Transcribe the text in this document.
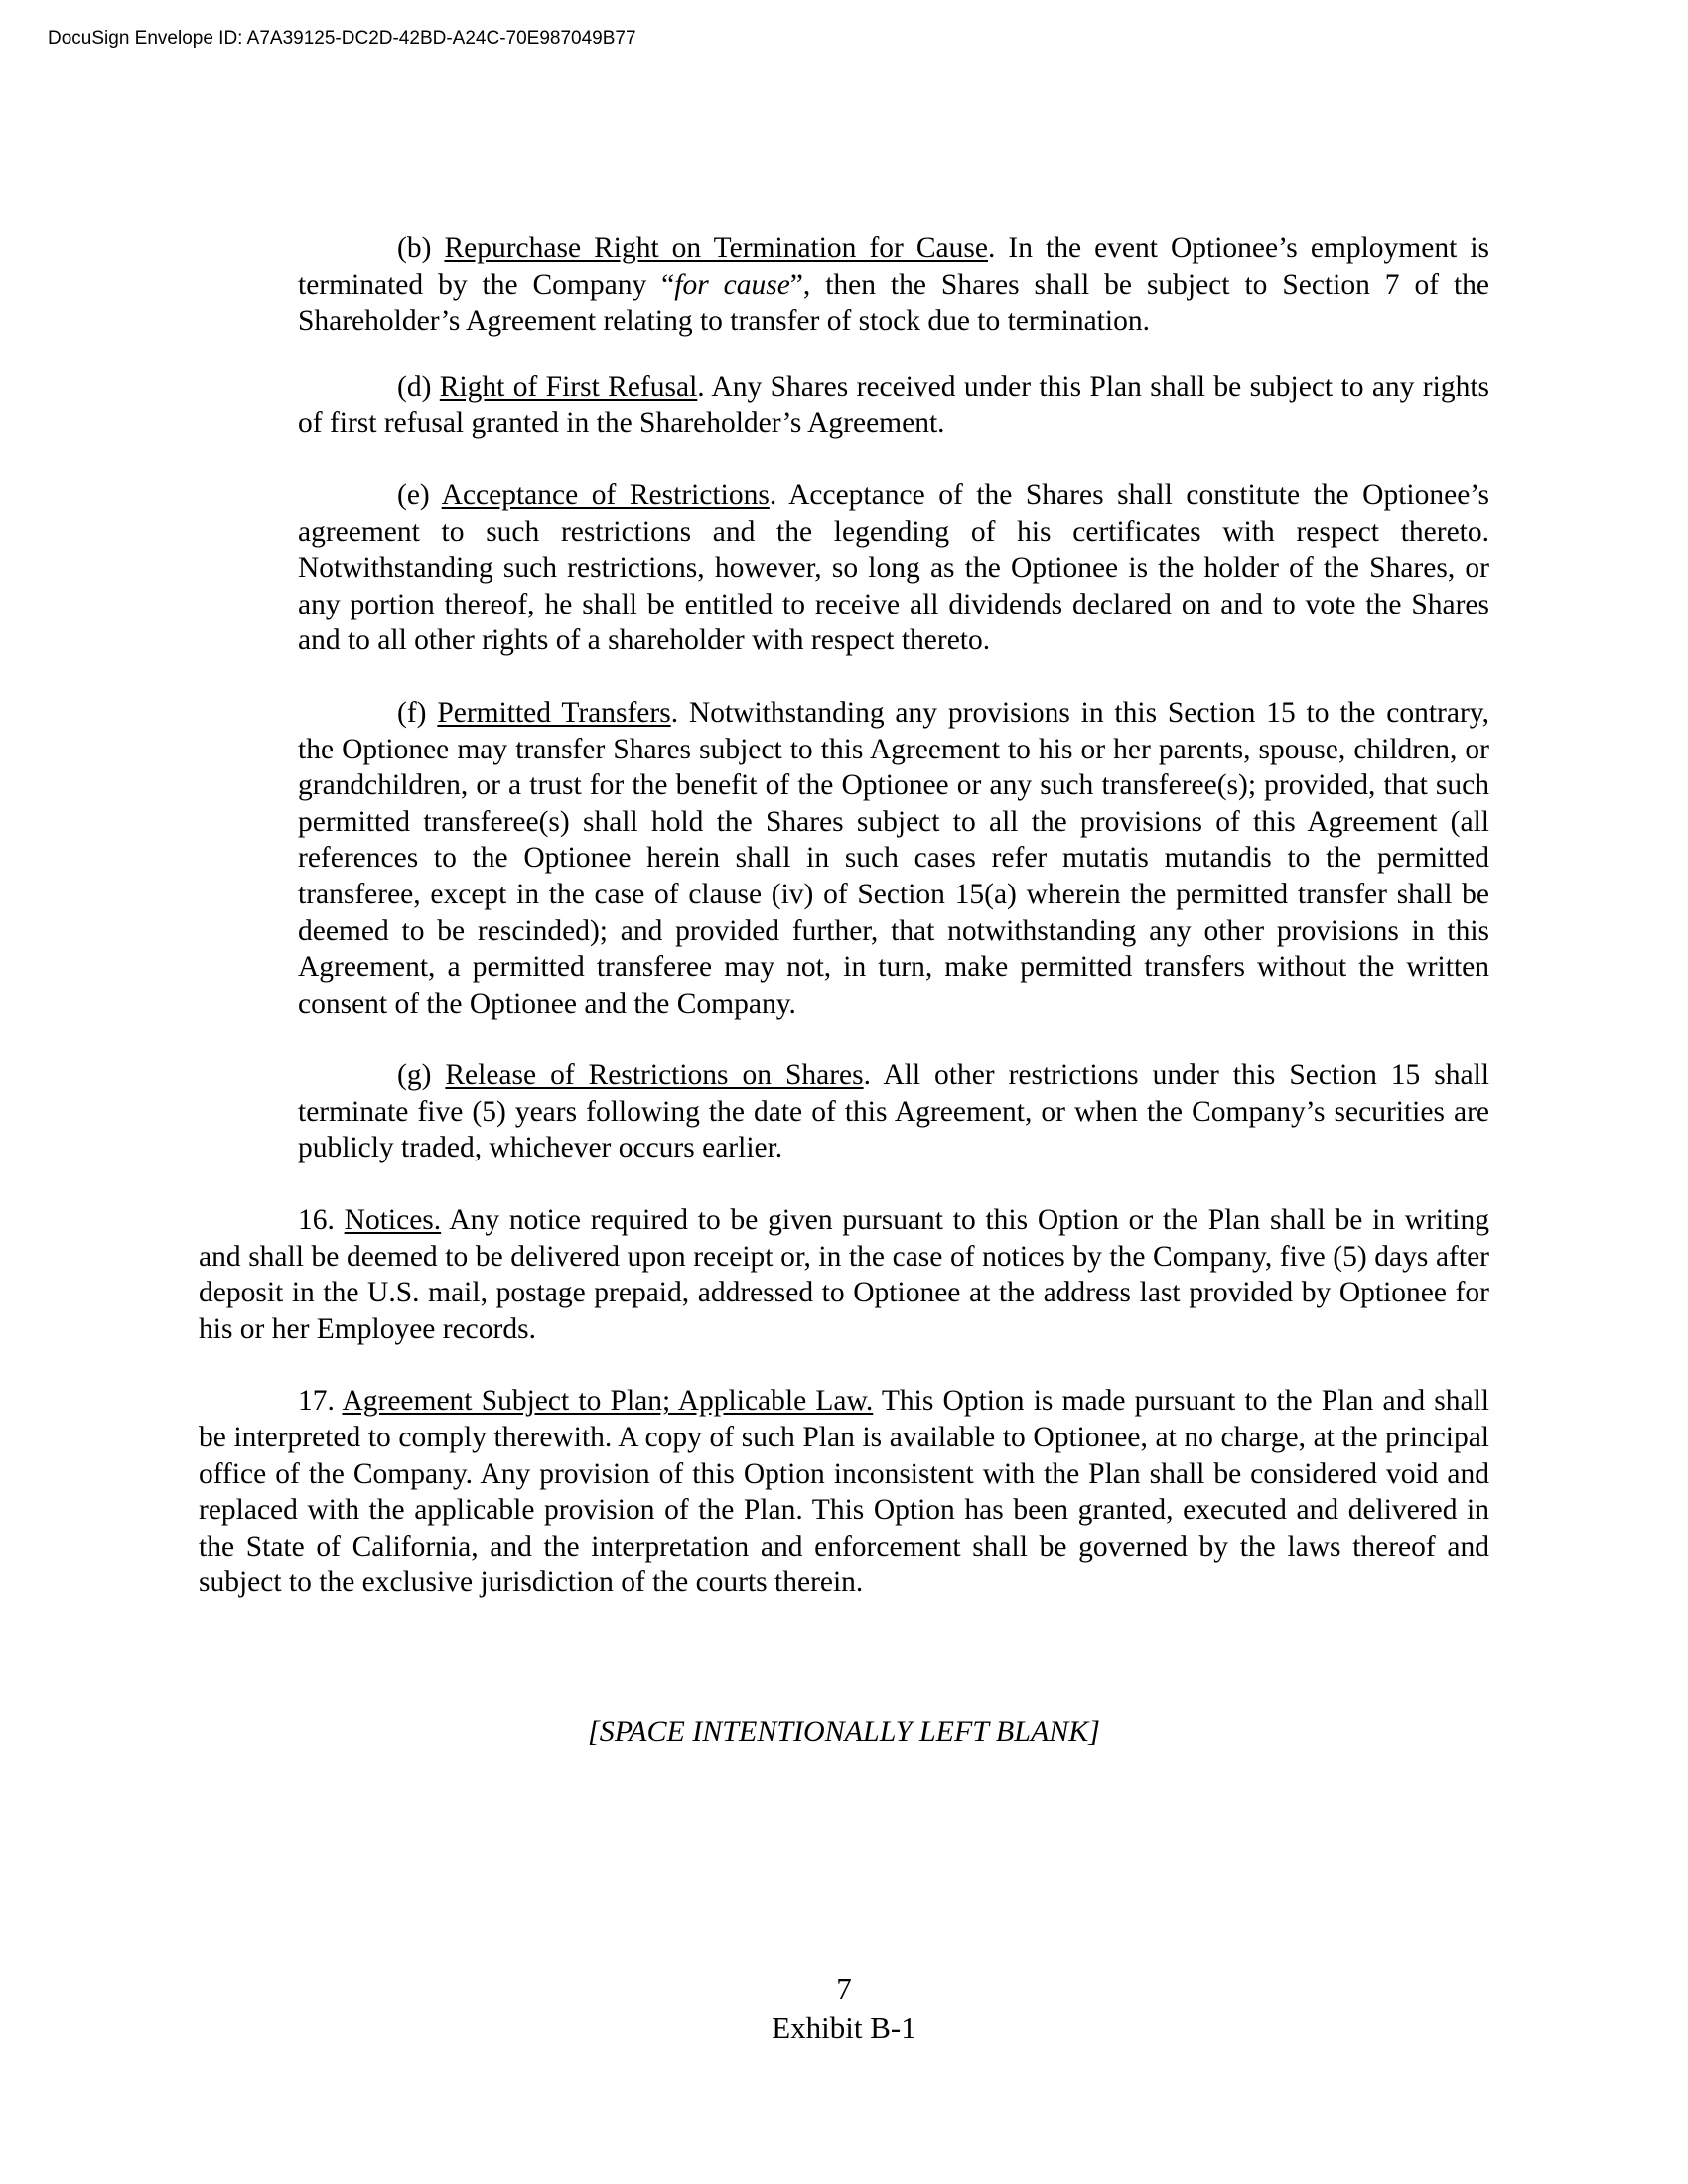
DocuSign Envelope ID: A7A39125-DC2D-42BD-A24C-70E987049B77

(b) Repurchase Right on Termination for Cause. In the event Optionee’s employment is terminated by the Company “for cause”, then the Shares shall be subject to Section 7 of the Shareholder’s Agreement relating to transfer of stock due to termination.

(d) Right of First Refusal. Any Shares received under this Plan shall be subject to any rights of first refusal granted in the Shareholder’s Agreement.

(e) Acceptance of Restrictions. Acceptance of the Shares shall constitute the Optionee’s agreement to such restrictions and the legending of his certificates with respect thereto. Notwithstanding such restrictions, however, so long as the Optionee is the holder of the Shares, or any portion thereof, he shall be entitled to receive all dividends declared on and to vote the Shares and to all other rights of a shareholder with respect thereto.

(f) Permitted Transfers. Notwithstanding any provisions in this Section 15 to the contrary, the Optionee may transfer Shares subject to this Agreement to his or her parents, spouse, children, or grandchildren, or a trust for the benefit of the Optionee or any such transferee(s); provided, that such permitted transferee(s) shall hold the Shares subject to all the provisions of this Agreement (all references to the Optionee herein shall in such cases refer mutatis mutandis to the permitted transferee, except in the case of clause (iv) of Section 15(a) wherein the permitted transfer shall be deemed to be rescinded); and provided further, that notwithstanding any other provisions in this Agreement, a permitted transferee may not, in turn, make permitted transfers without the written consent of the Optionee and the Company.

(g) Release of Restrictions on Shares. All other restrictions under this Section 15 shall terminate five (5) years following the date of this Agreement, or when the Company’s securities are publicly traded, whichever occurs earlier.

16. Notices. Any notice required to be given pursuant to this Option or the Plan shall be in writing and shall be deemed to be delivered upon receipt or, in the case of notices by the Company, five (5) days after deposit in the U.S. mail, postage prepaid, addressed to Optionee at the address last provided by Optionee for his or her Employee records.

17. Agreement Subject to Plan; Applicable Law. This Option is made pursuant to the Plan and shall be interpreted to comply therewith. A copy of such Plan is available to Optionee, at no charge, at the principal office of the Company. Any provision of this Option inconsistent with the Plan shall be considered void and replaced with the applicable provision of the Plan. This Option has been granted, executed and delivered in the State of California, and the interpretation and enforcement shall be governed by the laws thereof and subject to the exclusive jurisdiction of the courts therein.

[SPACE INTENTIONALLY LEFT BLANK]
7
Exhibit B-1
